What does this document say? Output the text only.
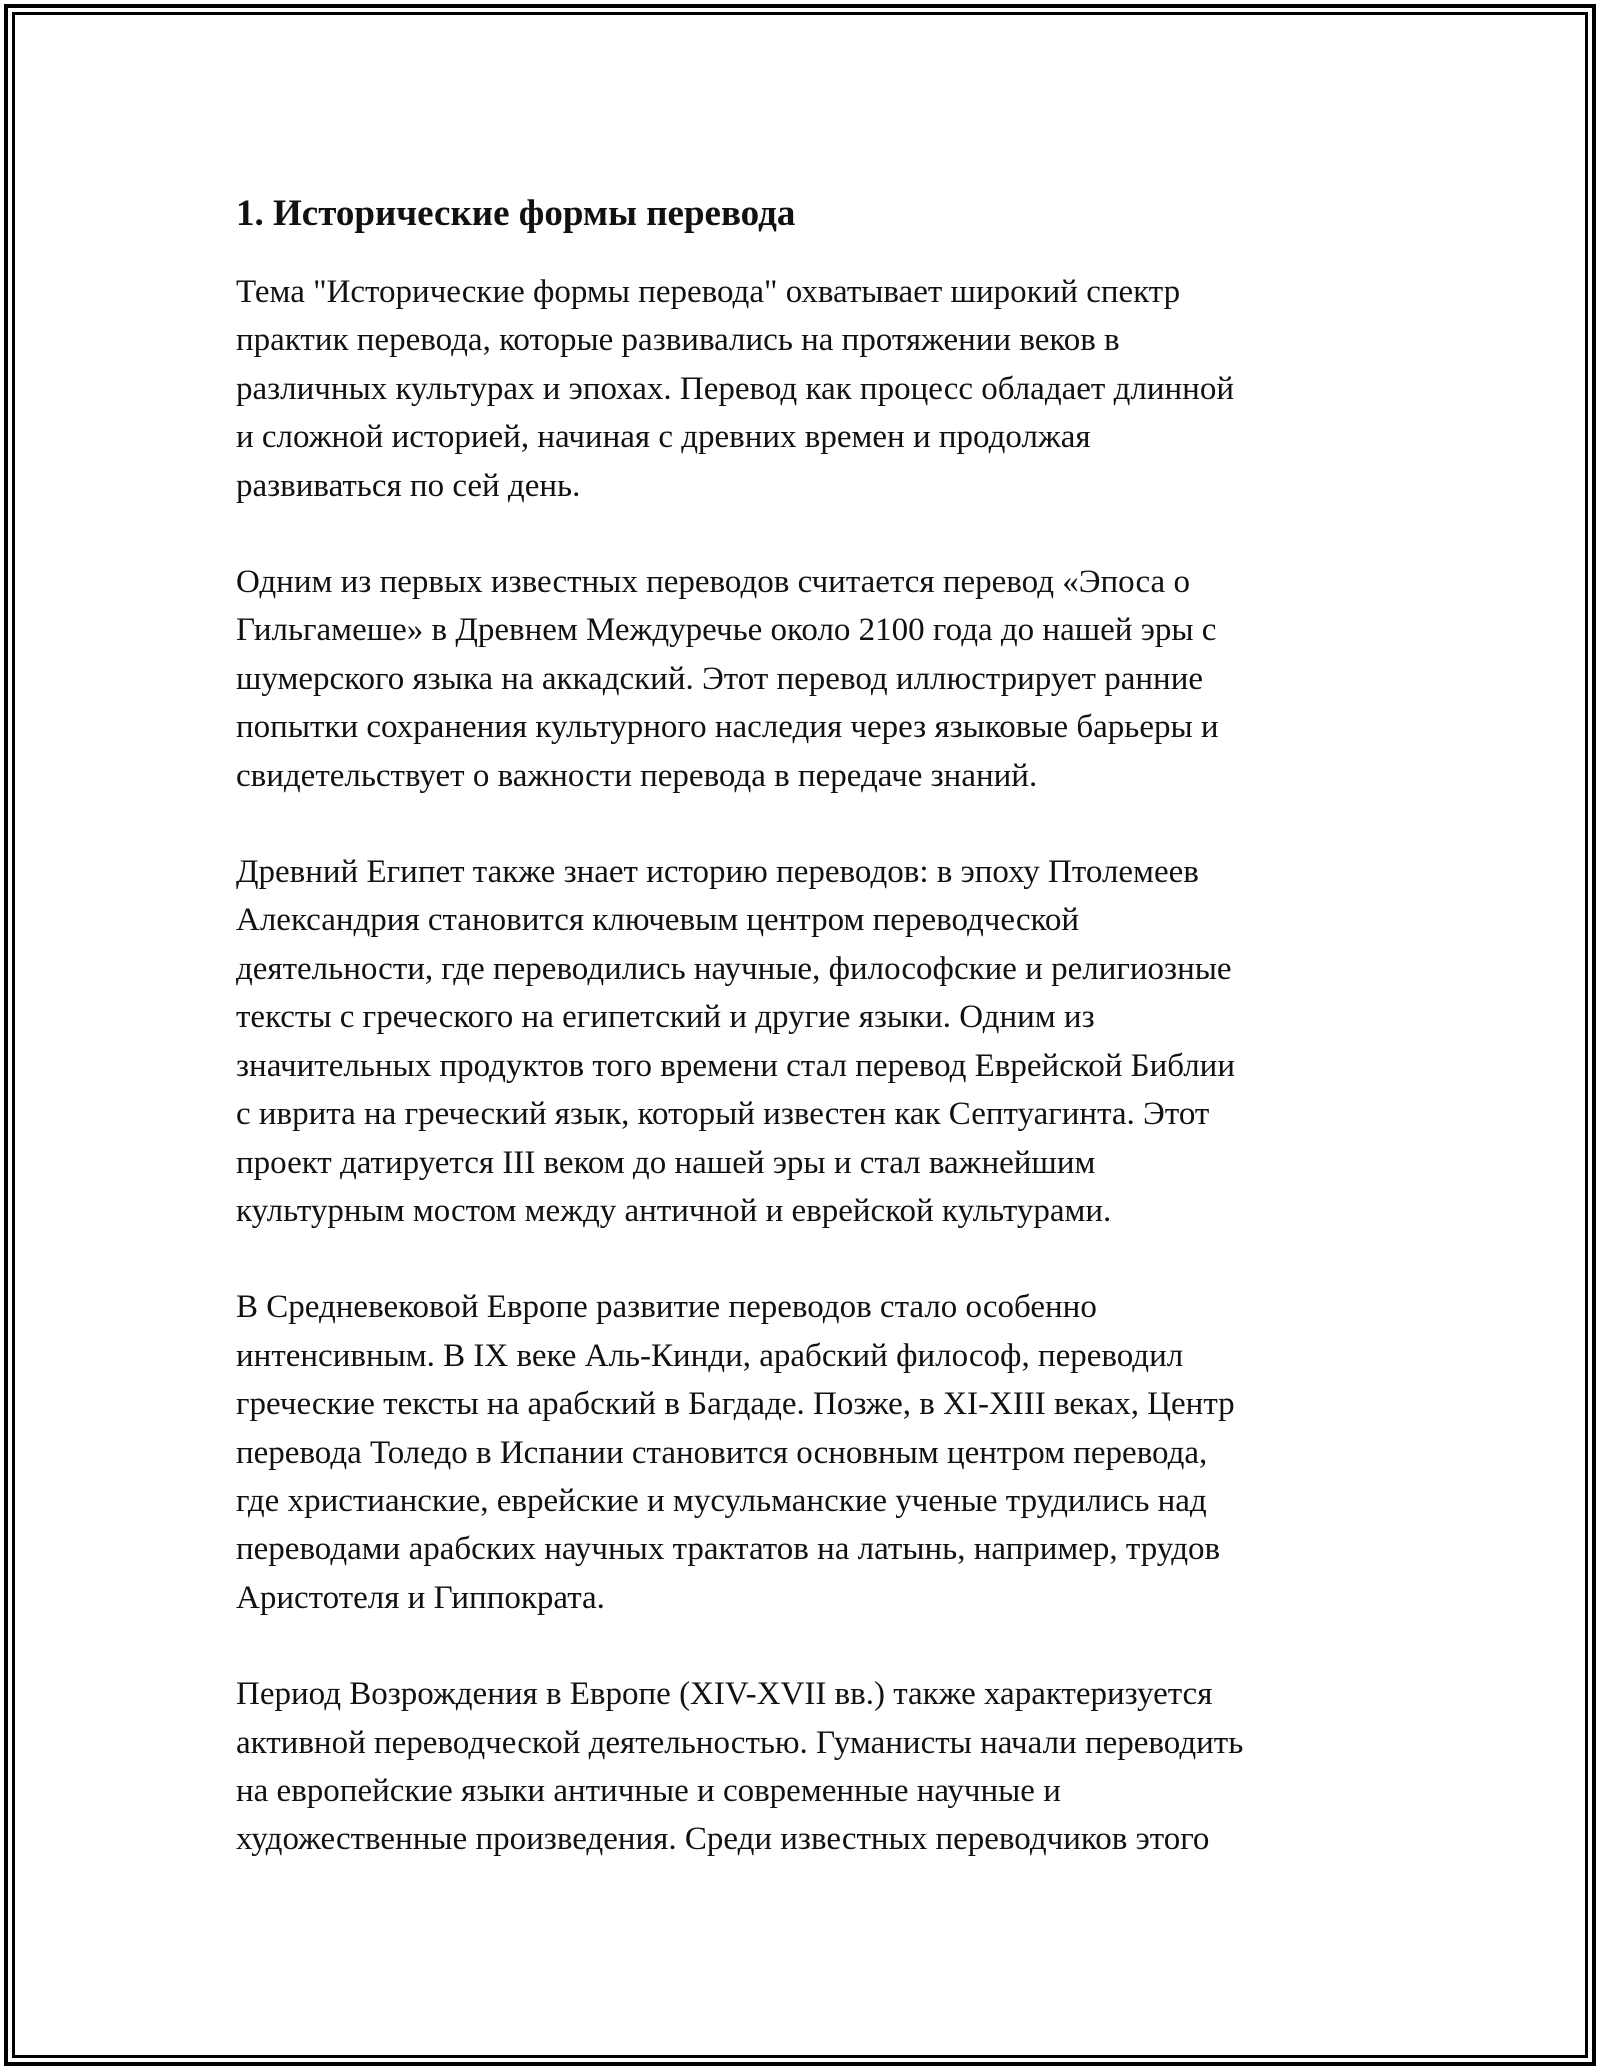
1. Исторические формы перевода

Тема "Исторические формы перевода" охватывает широкий спектр
практик перевода, которые развивались на протяжении веков в
различных культурах и эпохах. Перевод как процесс обладает длинной
и сложной историей, начиная с древних времен и продолжая
развиваться по сей день.

Одним из первых известных переводов считается перевод «Эпоса о
Гильгамеше» в Древнем Междуречье около 2100 года до нашей эры с
шумерского языка на аккадский. Этот перевод иллюстрирует ранние
попытки сохранения культурного наследия через языковые барьеры и
свидетельствует о важности перевода в передаче знаний.

Древний Египет также знает историю переводов: в эпоху Птолемеев
Александрия становится ключевым центром переводческой
деятельности, где переводились научные, философские и религиозные
тексты с греческого на египетский и другие языки. Одним из
значительных продуктов того времени стал перевод Еврейской Библии
с иврита на греческий язык, который известен как Септуагинта. Этот
проект датируется III веком до нашей эры и стал важнейшим
культурным мостом между античной и еврейской культурами.

В Средневековой Европе развитие переводов стало особенно
интенсивным. В IX веке Аль-Кинди, арабский философ, переводил
греческие тексты на арабский в Багдаде. Позже, в XI-XIII веках, Центр
перевода Толедо в Испании становится основным центром перевода,
где христианские, еврейские и мусульманские ученые трудились над
переводами арабских научных трактатов на латынь, например, трудов
Аристотеля и Гиппократа.

Период Возрождения в Европе (XIV-XVII вв.) также характеризуется
активной переводческой деятельностью. Гуманисты начали переводить
на европейские языки античные и современные научные и
художественные произведения. Среди известных переводчиков этого
